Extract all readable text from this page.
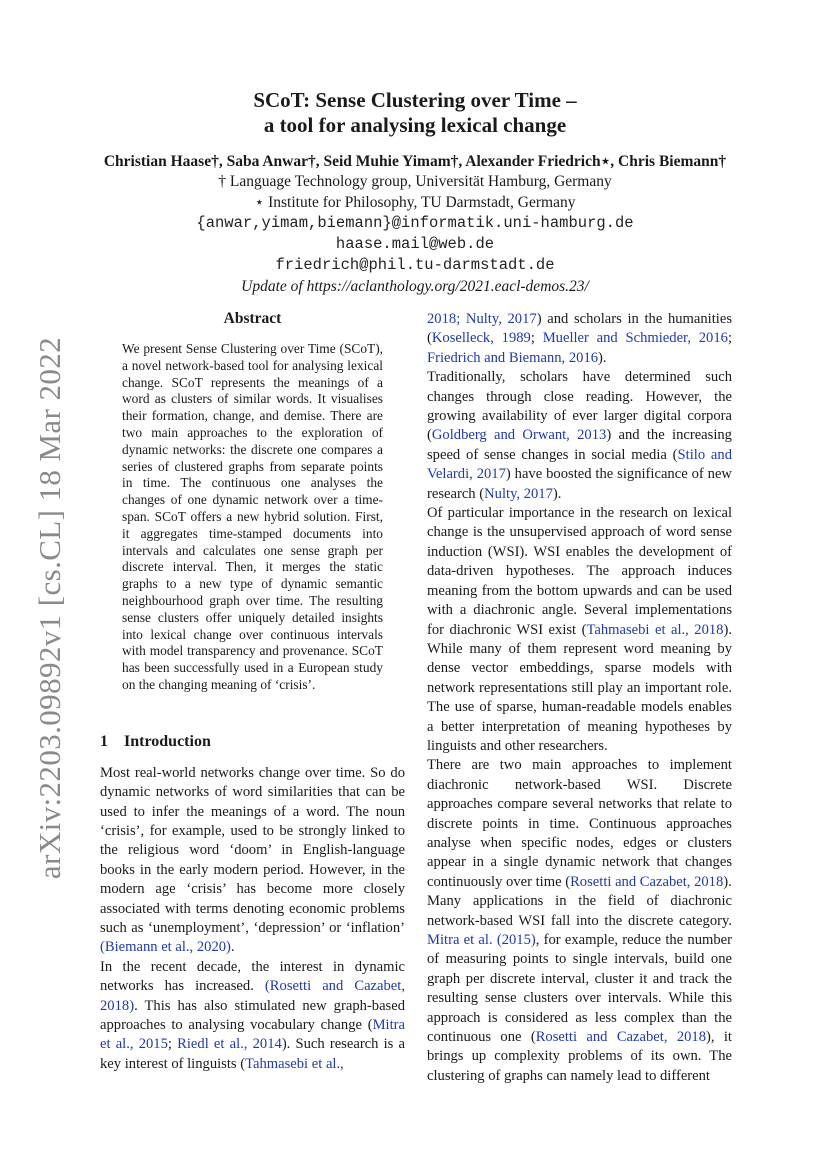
arXiv:2203.09892v1 [cs.CL] 18 Mar 2022
SCoT: Sense Clustering over Time –
a tool for analysing lexical change
Christian Haase†, Saba Anwar†, Seid Muhie Yimam†, Alexander Friedrich⋆, Chris Biemann†
† Language Technology group, Universität Hamburg, Germany
⋆ Institute for Philosophy, TU Darmstadt, Germany
{anwar,yimam,biemann}@informatik.uni-hamburg.de
haase.mail@web.de
friedrich@phil.tu-darmstadt.de
Update of https://aclanthology.org/2021.eacl-demos.23/
Abstract
We present Sense Clustering over Time (SCoT), a novel network-based tool for analysing lexical change. SCoT represents the meanings of a word as clusters of similar words. It visualises their formation, change, and demise. There are two main approaches to the exploration of dynamic networks: the discrete one compares a series of clustered graphs from separate points in time. The continuous one analyses the changes of one dynamic network over a time-span. SCoT offers a new hybrid solution. First, it aggregates time-stamped documents into intervals and calculates one sense graph per discrete interval. Then, it merges the static graphs to a new type of dynamic semantic neighbourhood graph over time. The resulting sense clusters offer uniquely detailed insights into lexical change over continuous intervals with model transparency and provenance. SCoT has been successfully used in a European study on the changing meaning of ‘crisis’.
1 Introduction

Most real-world networks change over time. So do dynamic networks of word similarities that can be used to infer the meanings of a word. The noun ‘crisis’, for example, used to be strongly linked to the religious word ‘doom’ in English-language books in the early modern period. However, in the modern age ‘crisis’ has become more closely associated with terms denoting economic problems such as ‘unemployment’, ‘depression’ or ‘inflation’ (Biemann et al., 2020).

In the recent decade, the interest in dynamic networks has increased. (Rosetti and Cazabet, 2018). This has also stimulated new graph-based approaches to analysing vocabulary change (Mitra et al., 2015; Riedl et al., 2014). Such research is a key interest of linguists (Tahmasebi et al.,

2018; Nulty, 2017) and scholars in the humanities (Koselleck, 1989; Mueller and Schmieder, 2016; Friedrich and Biemann, 2016).

Traditionally, scholars have determined such changes through close reading. However, the growing availability of ever larger digital corpora (Goldberg and Orwant, 2013) and the increasing speed of sense changes in social media (Stilo and Velardi, 2017) have boosted the significance of new research (Nulty, 2017).

Of particular importance in the research on lexical change is the unsupervised approach of word sense induction (WSI). WSI enables the development of data-driven hypotheses. The approach induces meaning from the bottom upwards and can be used with a diachronic angle. Several implementations for diachronic WSI exist (Tahmasebi et al., 2018). While many of them represent word meaning by dense vector embeddings, sparse models with network representations still play an important role. The use of sparse, human-readable models enables a better interpretation of meaning hypotheses by linguists and other researchers.

There are two main approaches to implement diachronic network-based WSI. Discrete approaches compare several networks that relate to discrete points in time. Continuous approaches analyse when specific nodes, edges or clusters appear in a single dynamic network that changes continuously over time (Rosetti and Cazabet, 2018).

Many applications in the field of diachronic network-based WSI fall into the discrete category. Mitra et al. (2015), for example, reduce the number of measuring points to single intervals, build one graph per discrete interval, cluster it and track the resulting sense clusters over intervals. While this approach is considered as less complex than the continuous one (Rosetti and Cazabet, 2018), it brings up complexity problems of its own. The clustering of graphs can namely lead to different
